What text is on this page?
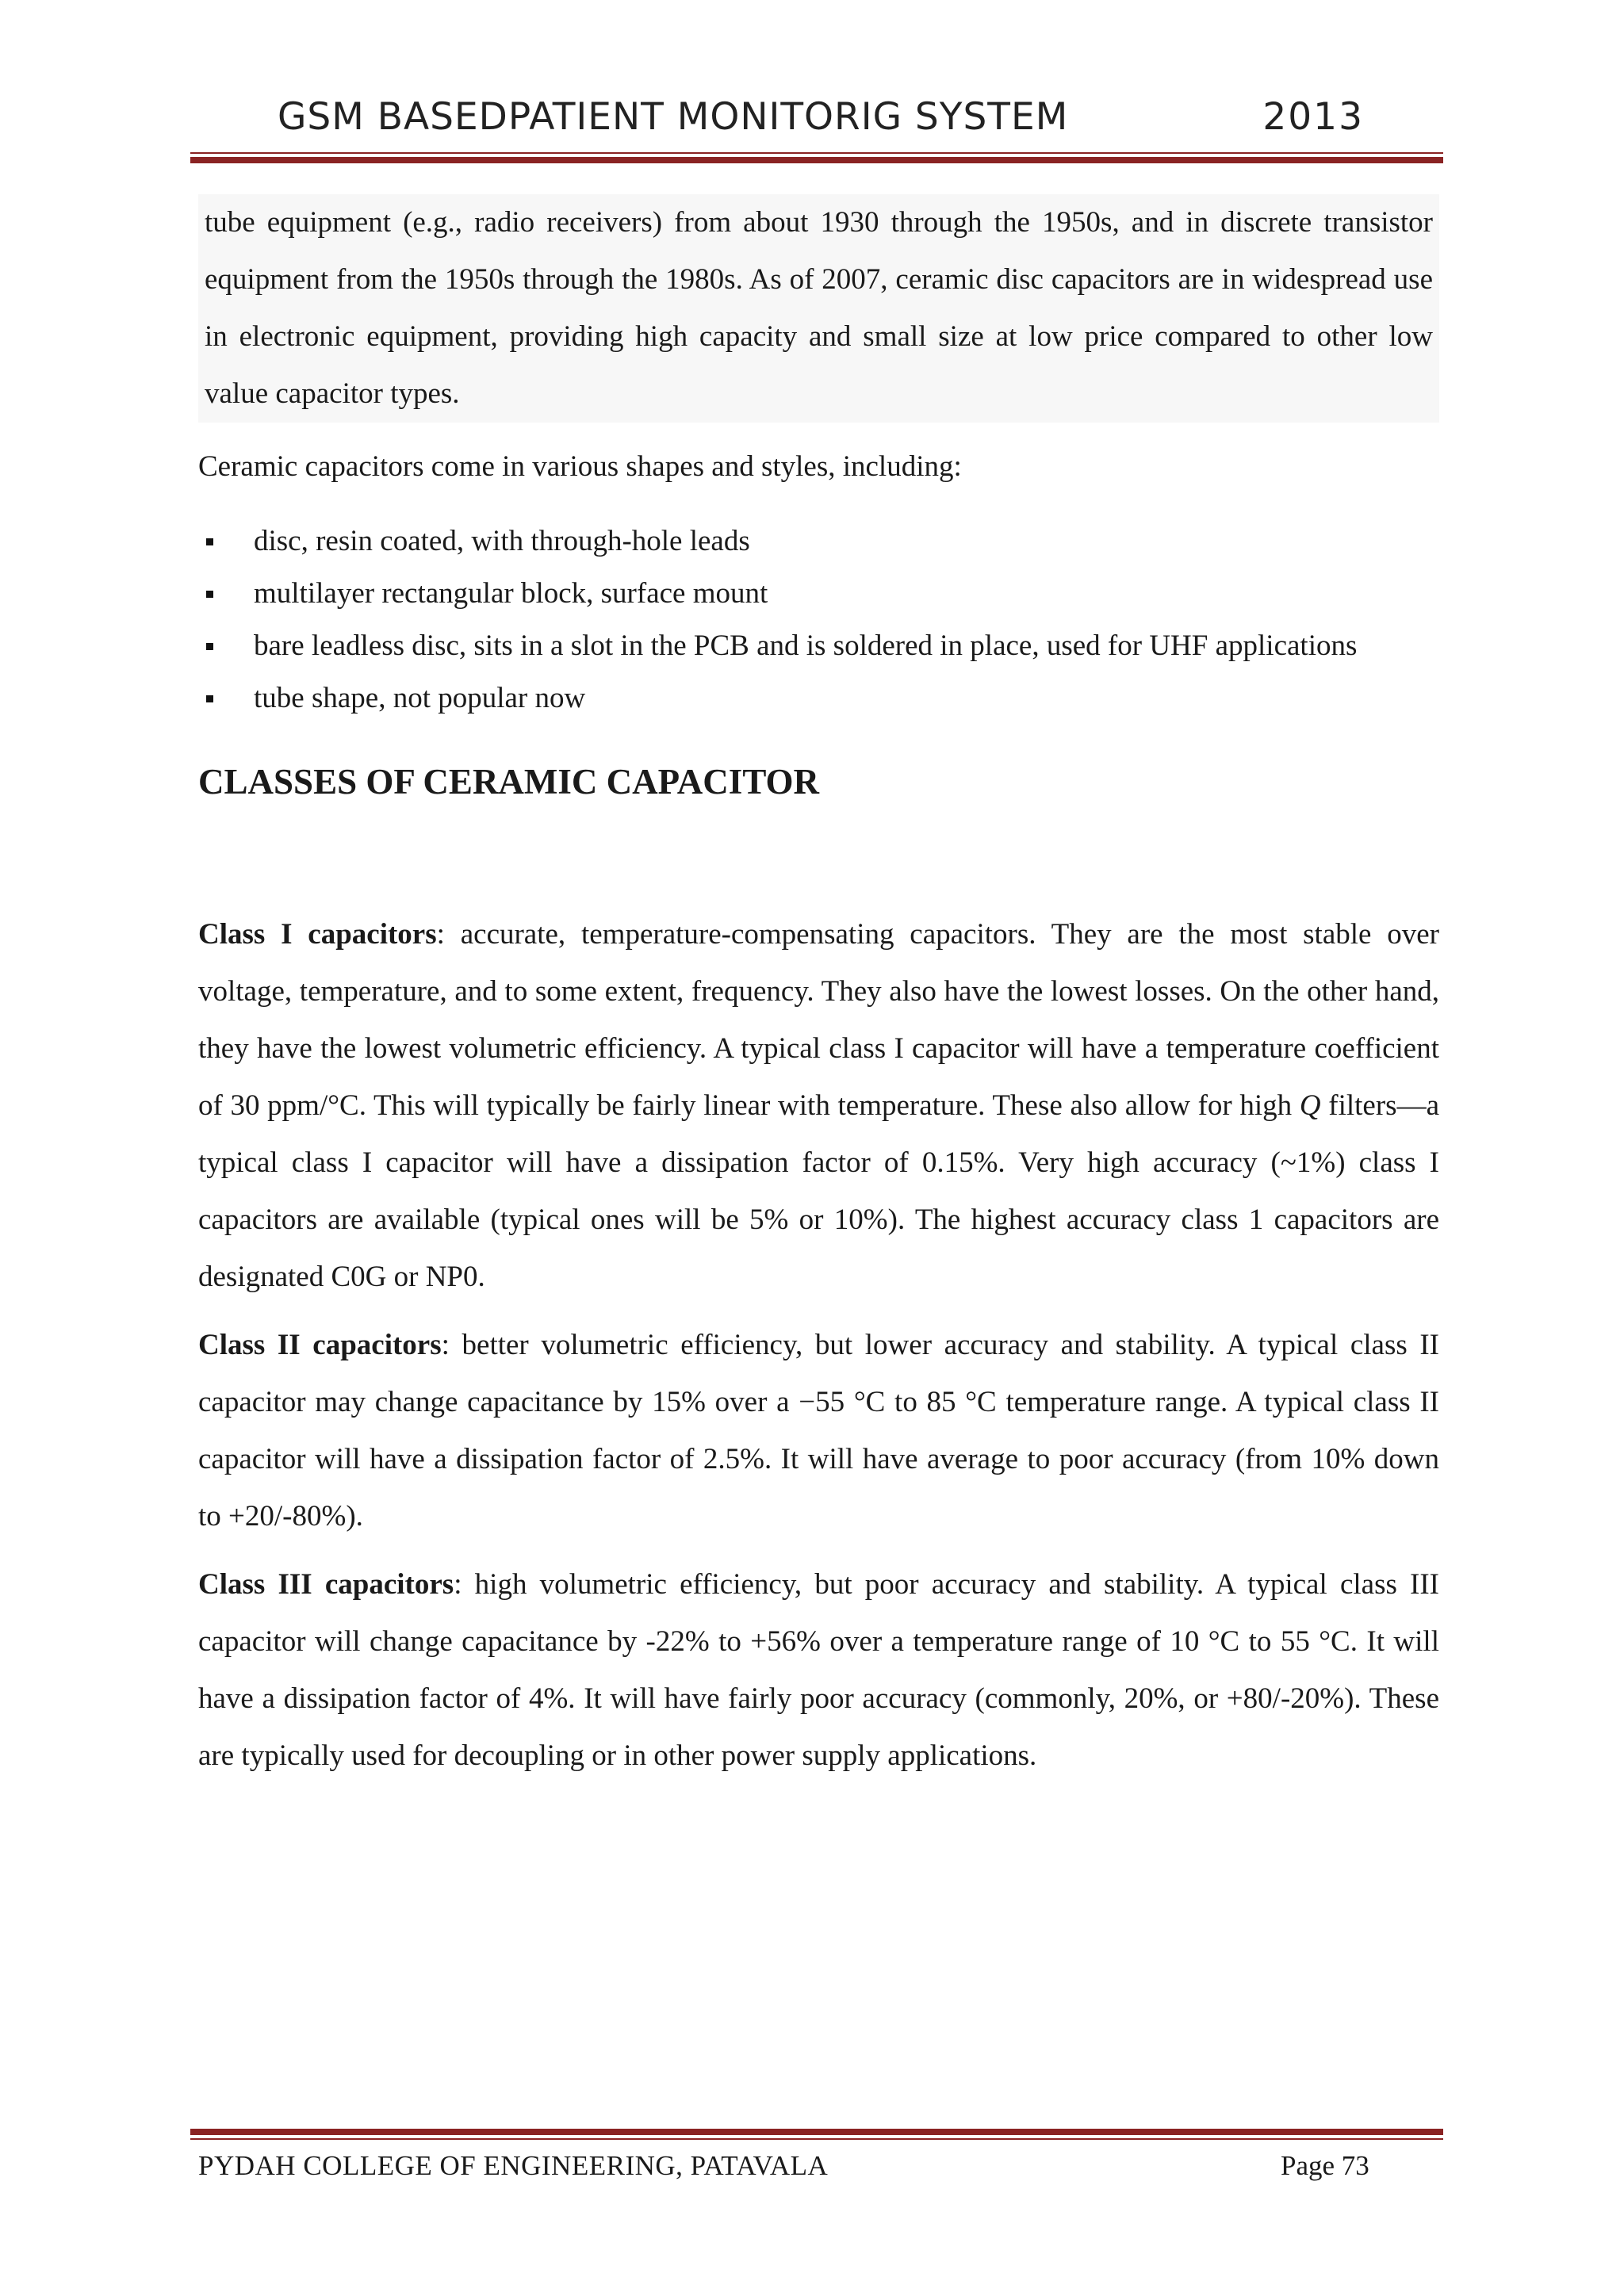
GSM BASEDPATIENT MONITORIG SYSTEM	2013

tube equipment (e.g., radio receivers) from about 1930 through the 1950s, and in discrete transistor equipment from the 1950s through the 1980s. As of 2007, ceramic disc capacitors are in widespread use in electronic equipment, providing high capacity and small size at low price compared to other low value capacitor types.

Ceramic capacitors come in various shapes and styles, including:

disc, resin coated, with through-hole leads
multilayer rectangular block, surface mount
bare leadless disc, sits in a slot in the PCB and is soldered in place, used for UHF applications
tube shape, not popular now
CLASSES OF CERAMIC CAPACITOR

Class I capacitors: accurate, temperature-compensating capacitors. They are the most stable over voltage, temperature, and to some extent, frequency. They also have the lowest losses. On the other hand, they have the lowest volumetric efficiency. A typical class I capacitor will have a temperature coefficient of 30 ppm/°C. This will typically be fairly linear with temperature. These also allow for high Q filters—a typical class I capacitor will have a dissipation factor of 0.15%. Very high accuracy (~1%) class I capacitors are available (typical ones will be 5% or 10%). The highest accuracy class 1 capacitors are designated C0G or NP0.

Class II capacitors: better volumetric efficiency, but lower accuracy and stability. A typical class II capacitor may change capacitance by 15% over a −55 °C to 85 °C temperature range. A typical class II capacitor will have a dissipation factor of 2.5%. It will have average to poor accuracy (from 10% down to +20/-80%).

Class III capacitors: high volumetric efficiency, but poor accuracy and stability. A typical class III capacitor will change capacitance by -22% to +56% over a temperature range of 10 °C to 55 °C. It will have a dissipation factor of 4%. It will have fairly poor accuracy (commonly, 20%, or +80/-20%). These are typically used for decoupling or in other power supply applications.

PYDAH COLLEGE OF ENGINEERING, PATAVALA	Page 73
